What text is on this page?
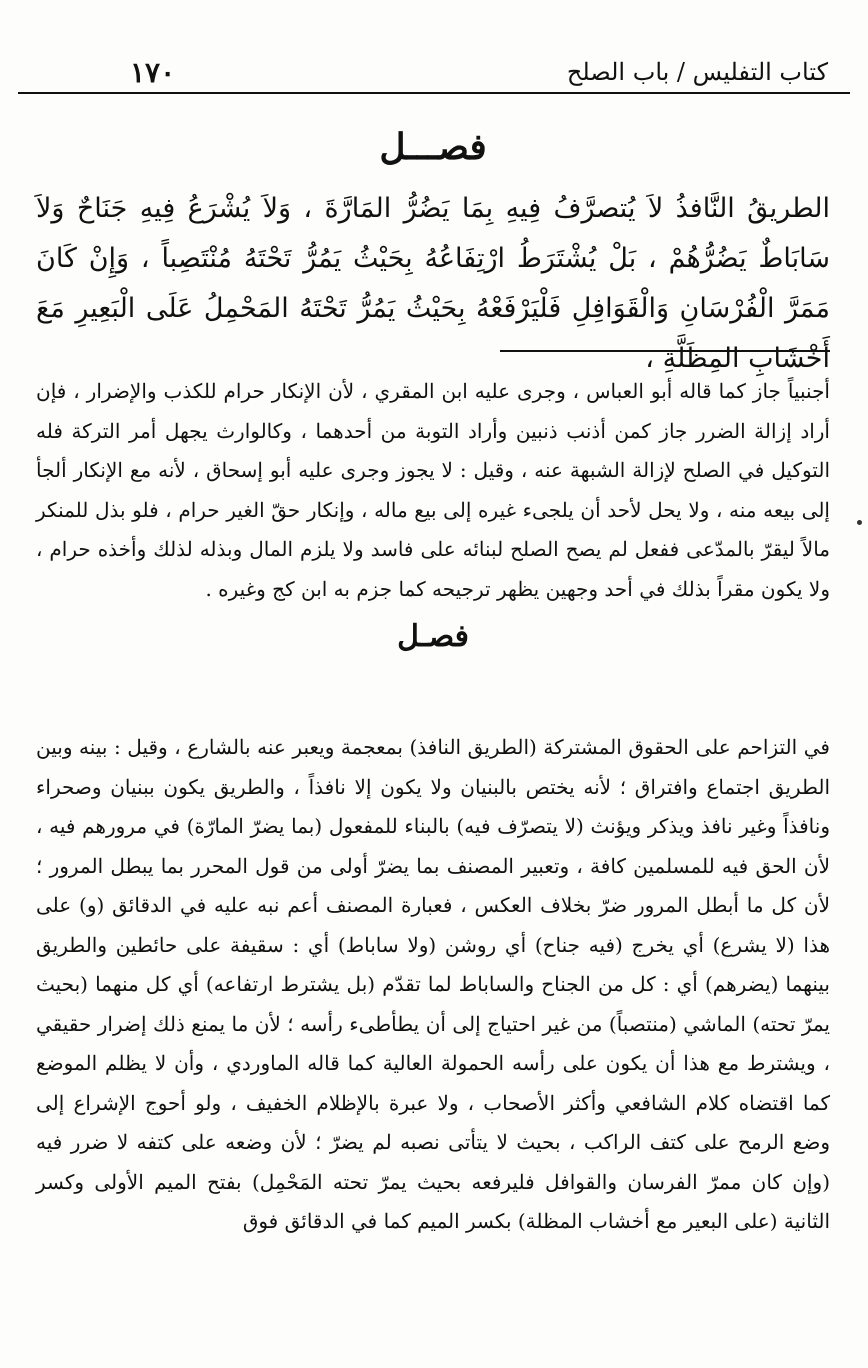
١٧٠	كتاب التفليس / باب الصلح
فصـــل

الطريقُ النَّافذُ لاَ يُتصرَّفُ فِيهِ بِمَا يَضُرُّ المَارَّةَ ، وَلاَ يُشْرَعُ فِيهِ جَنَاحٌ وَلاَ سَابَاطٌ يَضُرُّهُمْ ، بَلْ يُشْتَرَطُ ارْتِفَاعُهُ بِحَيْثُ يَمُرُّ تَحْتَهُ مُنْتَصِباً ، وَإِنْ كَانَ مَمَرَّ الْفُرْسَانِ وَالْقَوَافِلِ فَلْيَرْفَعْهُ بِحَيْثُ يَمُرُّ تَحْتَهُ المَحْمِلُ عَلَى الْبَعِيرِ مَعَ أَخْشَابِ المِظَلَّةِ ،

أجنبياً جاز كما قاله أبو العباس ، وجرى عليه ابن المقري ، لأن الإنكار حرام للكذب والإضرار ، فإن أراد إزالة الضرر جاز كمن أذنب ذنبين وأراد التوبة من أحدهما ، وكالوارث يجهل أمر التركة فله التوكيل في الصلح لإزالة الشبهة عنه ، وقيل : لا يجوز وجرى عليه أبو إسحاق ، لأنه مع الإنكار ألجأ إلى بيعه منه ، ولا يحل لأحد أن يلجىء غيره إلى بيع ماله ، وإنكار حقّ الغير حرام ، فلو بذل للمنكر مالاً ليقرّ بالمدّعى ففعل لم يصح الصلح لبنائه على فاسد ولا يلزم المال وبذله لذلك وأخذه حرام ، ولا يكون مقراً بذلك في أحد وجهين يظهر ترجيحه كما جزم به ابن كج وغيره .

فصـل

في التزاحم على الحقوق المشتركة (الطريق النافذ) بمعجمة ويعبر عنه بالشارع ، وقيل : بينه وبين الطريق اجتماع وافتراق ؛ لأنه يختص بالبنيان ولا يكون إلا نافذاً ، والطريق يكون ببنيان وصحراء ونافذاً وغير نافذ ويذكر ويؤنث (لا يتصرّف فيه) بالبناء للمفعول (بما يضرّ المارّة) في مرورهم فيه ، لأن الحق فيه للمسلمين كافة ، وتعبير المصنف بما يضرّ أولى من قول المحرر بما يبطل المرور ؛ لأن كل ما أبطل المرور ضرّ بخلاف العكس ، فعبارة المصنف أعم نبه عليه في الدقائق (و) على هذا (لا يشرع) أي يخرج (فيه جناح) أي روشن (ولا ساباط) أي : سقيفة على حائطين والطريق بينهما (يضرهم) أي : كل من الجناح والساباط لما تقدّم (بل يشترط ارتفاعه) أي كل منهما (بحيث يمرّ تحته) الماشي (منتصباً) من غير احتياج إلى أن يطأطىء رأسه ؛ لأن ما يمنع ذلك إضرار حقيقي ، ويشترط مع هذا أن يكون على رأسه الحمولة العالية كما قاله الماوردي ، وأن لا يظلم الموضع كما اقتضاه كلام الشافعي وأكثر الأصحاب ، ولا عبرة بالإظلام الخفيف ، ولو أحوج الإشراع إلى وضع الرمح على كتف الراكب ، بحيث لا يتأتى نصبه لم يضرّ ؛ لأن وضعه على كتفه لا ضرر فيه (وإن كان ممرّ الفرسان والقوافل فليرفعه بحيث يمرّ تحته المَحْمِل) بفتح الميم الأولى وكسر الثانية (على البعير مع أخشاب المظلة) بكسر الميم كما في الدقائق فوق
